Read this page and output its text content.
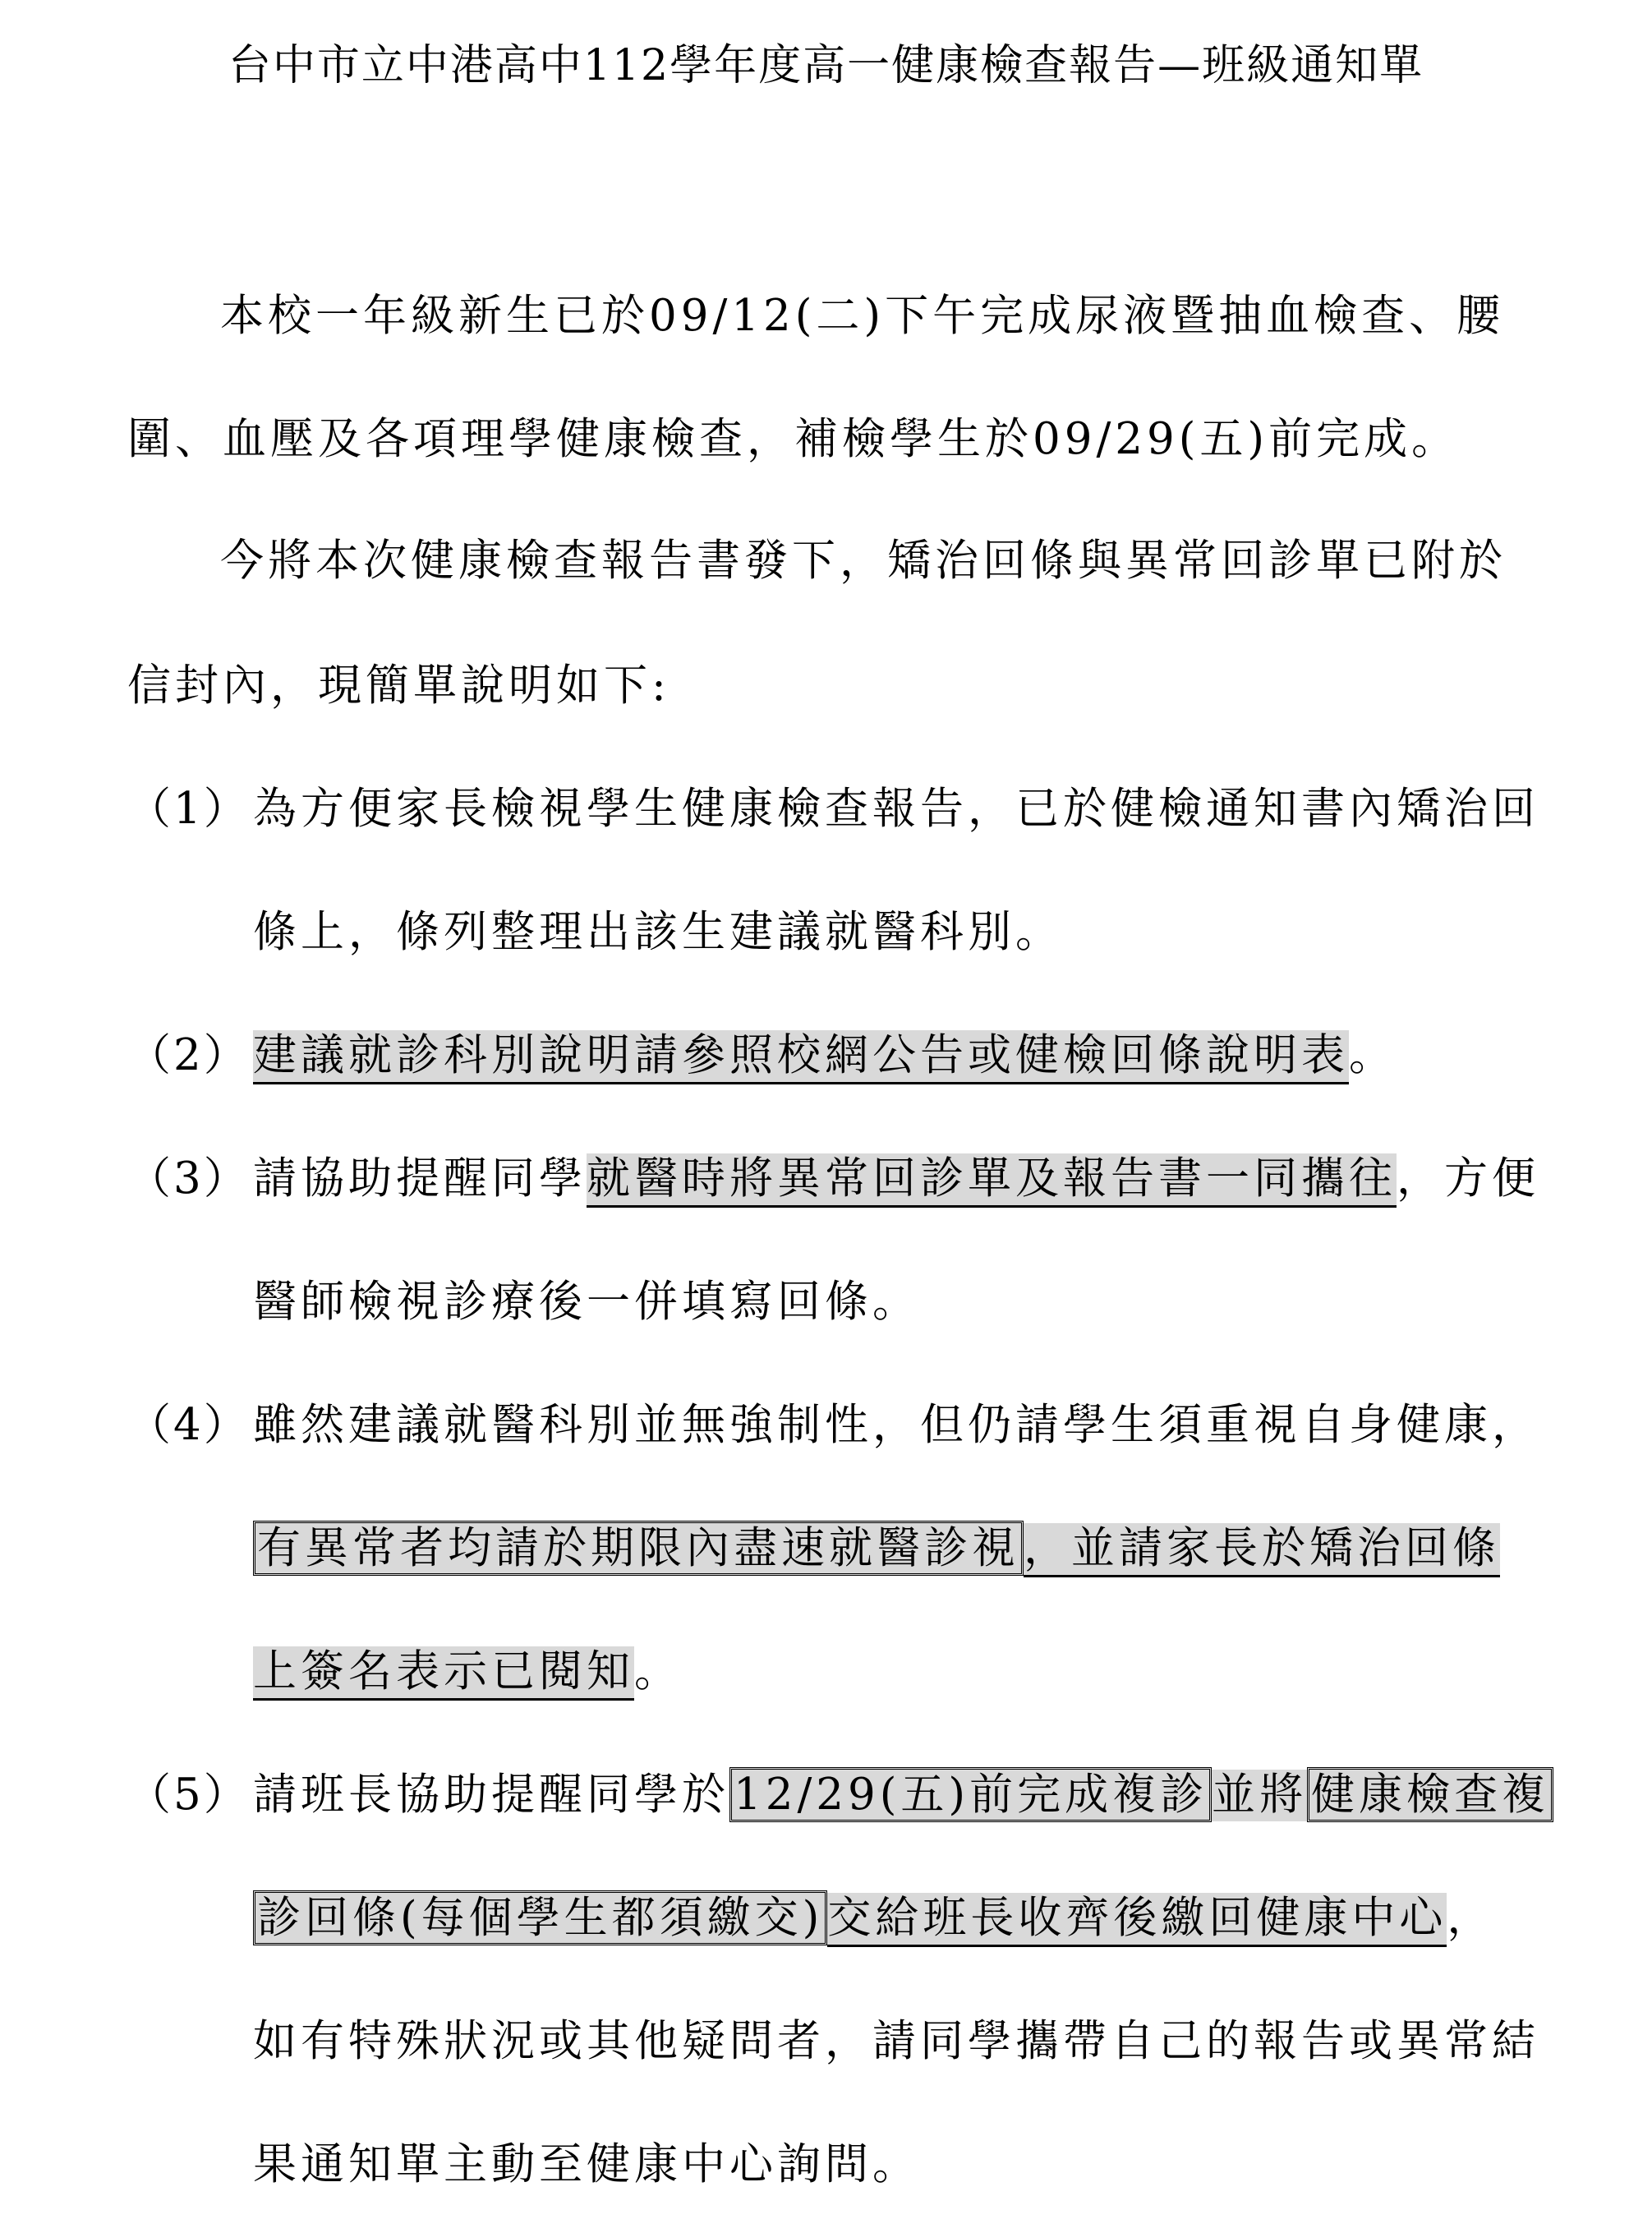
台中市立中港高中112學年度高一健康檢查報告—班級通知單
本校一年級新生已於09/12(二)下午完成尿液暨抽血檢查、腰
圍、血壓及各項理學健康檢查，補檢學生於09/29(五)前完成。
今將本次健康檢查報告書發下，矯治回條與異常回診單已附於
信封內，現簡單說明如下:
（1） 為方便家長檢視學生健康檢查報告，已於健檢通知書內矯治回
條上，條列整理出該生建議就醫科別。
（2） 建議就診科別說明請參照校網公告或健檢回條說明表。
（3） 請協助提醒同學就醫時將異常回診單及報告書一同攜往，方便
醫師檢視診療後一併填寫回條。
（4） 雖然建議就醫科別並無強制性，但仍請學生須重視自身健康，
有異常者均請於期限內盡速就醫診視，並請家長於矯治回條
上簽名表示已閱知。
（5） 請班長協助提醒同學於12/29(五)前完成複診並將健康檢查複
診回條(每個學生都須繳交)交給班長收齊後繳回健康中心，
如有特殊狀況或其他疑問者，請同學攜帶自己的報告或異常結
果通知單主動至健康中心詢問。
